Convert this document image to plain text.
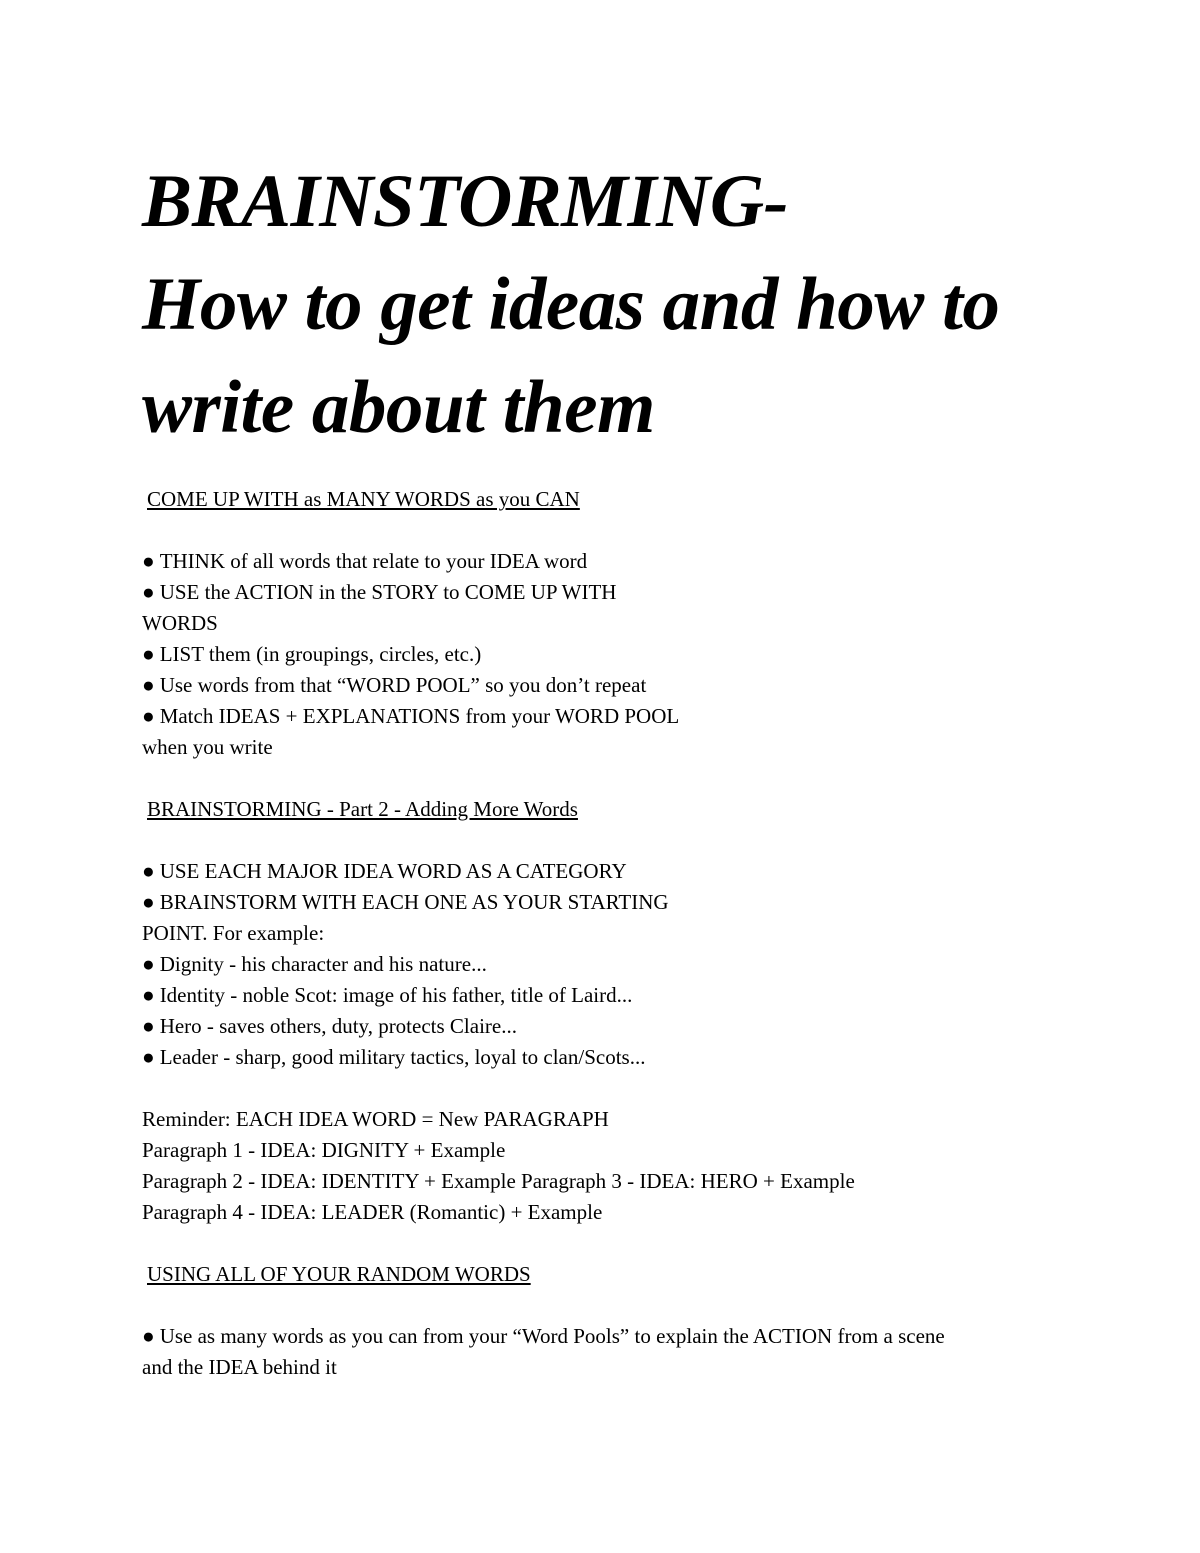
BRAINSTORMING-
How to get ideas and how to
write about them
COME UP WITH as MANY WORDS as you CAN
● THINK of all words that relate to your IDEA word
● USE the ACTION in the STORY to COME UP WITH
WORDS
● LIST them (in groupings, circles, etc.)
● Use words from that “WORD POOL” so you don’t repeat
● Match IDEAS + EXPLANATIONS from your WORD POOL
when you write
BRAINSTORMING - Part 2 - Adding More Words
● USE EACH MAJOR IDEA WORD AS A CATEGORY
● BRAINSTORM WITH EACH ONE AS YOUR STARTING
POINT. For example:
● Dignity - his character and his nature...
● Identity - noble Scot: image of his father, title of Laird...
● Hero - saves others, duty, protects Claire...
● Leader - sharp, good military tactics, loyal to clan/Scots...
Reminder: EACH IDEA WORD = New PARAGRAPH
Paragraph 1 - IDEA: DIGNITY + Example
Paragraph 2 - IDEA: IDENTITY + Example Paragraph 3 - IDEA: HERO + Example
Paragraph 4 - IDEA: LEADER (Romantic) + Example
USING ALL OF YOUR RANDOM WORDS
● Use as many words as you can from your “Word Pools” to explain the ACTION from a scene
and the IDEA behind it
